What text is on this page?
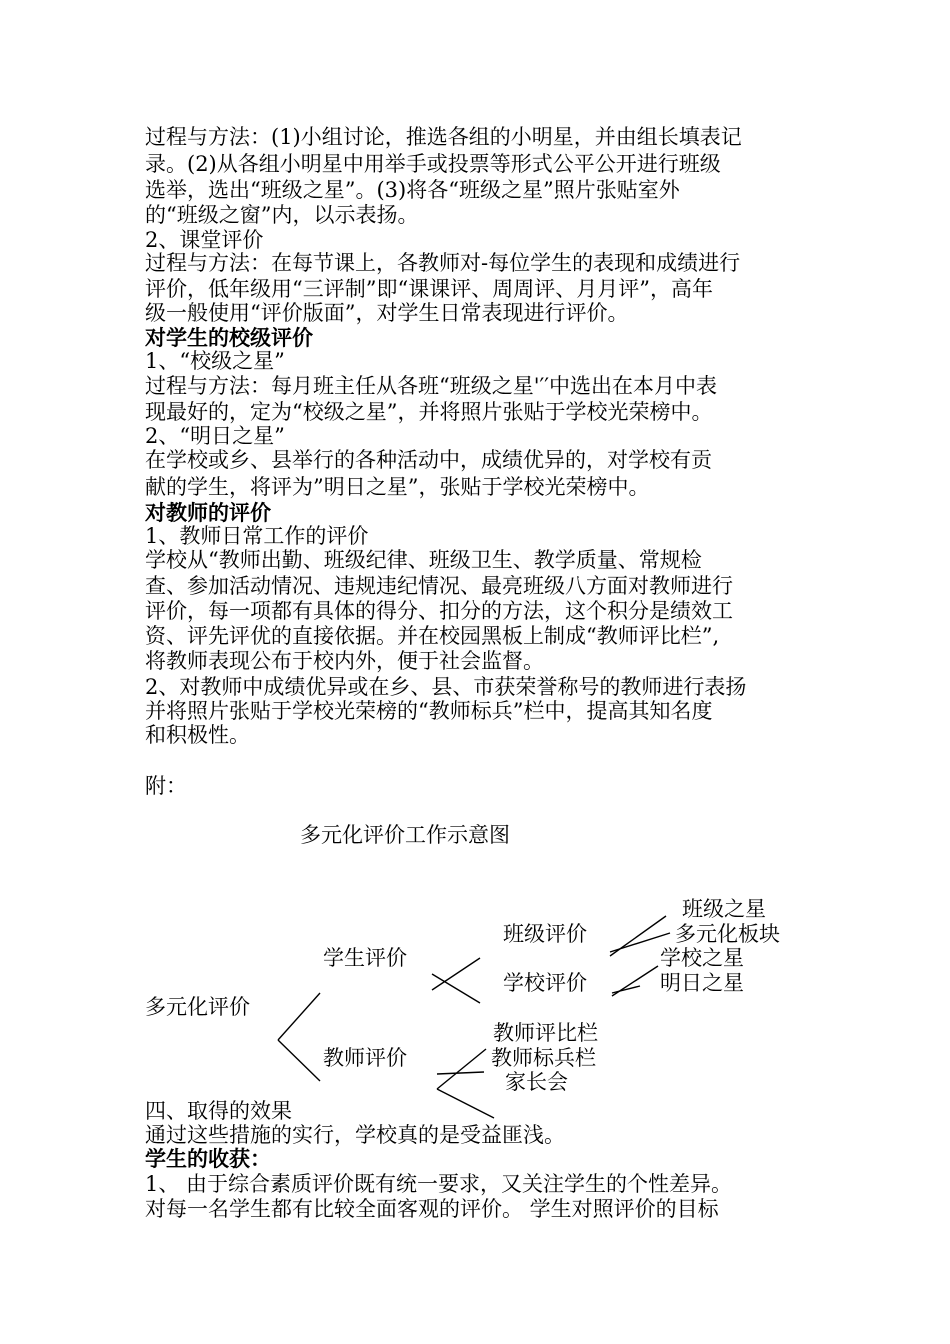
过程与方法：(1)小组讨论，推选各组的小明星，并由组长填表记
录。(2)从各组小明星中用举手或投票等形式公平公开进行班级
选举，选出“班级之星”。(3)将各“班级之星”照片张贴室外
的“班级之窗”内，以示表扬。
2、课堂评价
过程与方法：在每节课上，各教师对-每位学生的表现和成绩进行
评价，低年级用“三评制”即“课课评、周周评、月月评”，高年
级一般使用“评价版面”，对学生日常表现进行评价。
对学生的校级评价
1、“校级之星”
过程与方法：每月班主任从各班“班级之星'′′中选出在本月中表
现最好的，定为“校级之星”，并将照片张贴于学校光荣榜中。
2、“明日之星”
在学校或乡、县举行的各种活动中，成绩优异的，对学校有贡
献的学生，将评为”明日之星”，张贴于学校光荣榜中。
对教师的评价
1、教师日常工作的评价
学校从“教师出勤、班级纪律、班级卫生、教学质量、常规检
查、参加活动情况、违规违纪情况、最亮班级八方面对教师进行
评价，每一项都有具体的得分、扣分的方法，这个积分是绩效工
资、评先评优的直接依据。并在校园黑板上制成“教师评比栏”,
将教师表现公布于校内外，便于社会监督。
2、对教师中成绩优异或在乡、县、市获荣誉称号的教师进行表扬
并将照片张贴于学校光荣榜的“教师标兵”栏中，提高其知名度
和积极性。
附：
多元化评价工作示意图
多元化评价
学生评价
教师评价
班级评价
学校评价
班级之星
多元化板块
学校之星
明日之星
教师评比栏
教师标兵栏
家长会
四、取得的效果
通过这些措施的实行，学校真的是受益匪浅。
学生的收获：
1、 由于综合素质评价既有统一要求，又关注学生的个性差异。
对每一名学生都有比较全面客观的评价。 学生对照评价的目标
